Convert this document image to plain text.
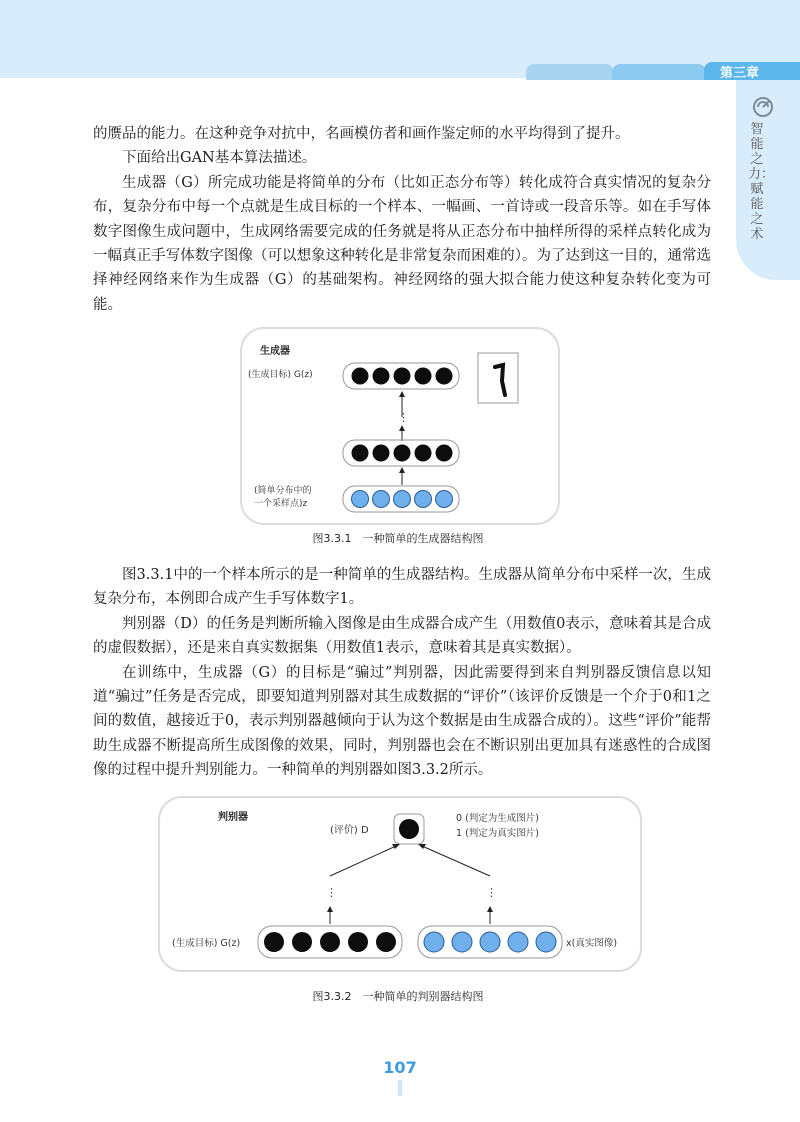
第三章
智能之力：赋能之术

的赝品的能力。在这种竞争对抗中，名画模仿者和画作鉴定师的水平均得到了提升。

下面给出GAN基本算法描述。

生成器（G）所完成功能是将简单的分布（比如正态分布等）转化成符合真实情况的复杂分布，复杂分布中每一个点就是生成目标的一个样本、一幅画、一首诗或一段音乐等。如在手写体数字图像生成问题中，生成网络需要完成的任务就是将从正态分布中抽样所得的采样点转化成为一幅真正手写体数字图像（可以想象这种转化是非常复杂而困难的）。为了达到这一目的，通常选择神经网络来作为生成器（G）的基础架构。神经网络的强大拟合能力使这种复杂转化变为可能。

生成器
(生成目标) G(z)
⋮
(简单分布中的
一个采样点)z
图3.3.1　一种简单的生成器结构图

图3.3.1中的一个样本所示的是一种简单的生成器结构。生成器从简单分布中采样一次，生成复杂分布，本例即合成产生手写体数字1。

判别器（D）的任务是判断所输入图像是由生成器合成产生（用数值0表示，意味着其是合成的虚假数据），还是来自真实数据集（用数值1表示，意味着其是真实数据）。

在训练中，生成器（G）的目标是“骗过”判别器，因此需要得到来自判别器反馈信息以知道“骗过”任务是否完成，即要知道判别器对其生成数据的“评价”（该评价反馈是一个介于0和1之间的数值，越接近于0，表示判别器越倾向于认为这个数据是由生成器合成的）。这些“评价”能帮助生成器不断提高所生成图像的效果，同时，判别器也会在不断识别出更加具有迷惑性的合成图像的过程中提升判别能力。一种简单的判别器如图3.3.2所示。

判别器
(评价) D
0 (判定为生成图片)
1 (判定为真实图片)
⋮	⋮
(生成目标) G(z)	x(真实图像)
图3.3.2　一种简单的判别器结构图
107
